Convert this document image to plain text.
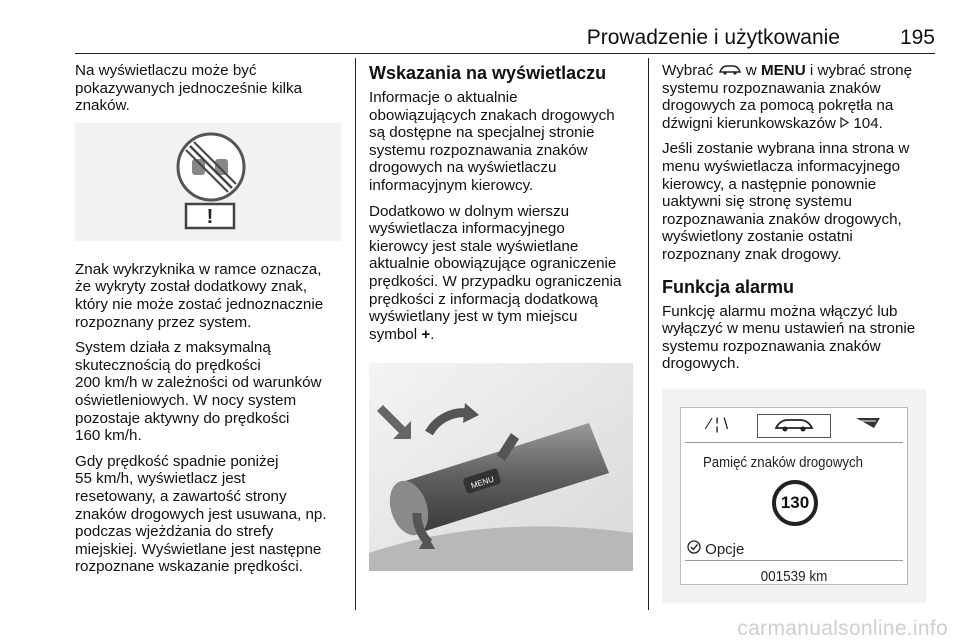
Prowadzenie i użytkowanie	195

Na wyświetlaczu może być
pokazywanych jednocześnie kilka
znaków.

!

Znak wykrzyknika w ramce oznacza,
że wykryty został dodatkowy znak,
który nie może zostać jednoznacznie
rozpoznany przez system.

System działa z maksymalną
skutecznością do prędkości
200 km/h w zależności od warunków
oświetleniowych. W nocy system
pozostaje aktywny do prędkości
160 km/h.

Gdy prędkość spadnie poniżej
55 km/h, wyświetlacz jest
resetowany, a zawartość strony
znaków drogowych jest usuwana, np.
podczas wjeżdżania do strefy
miejskiej. Wyświetlane jest następne
rozpoznane wskazanie prędkości.

Wskazania na wyświetlaczu

Informacje o aktualnie
obowiązujących znakach drogowych
są dostępne na specjalnej stronie
systemu rozpoznawania znaków
drogowych na wyświetlaczu
informacyjnym kierowcy.

Dodatkowo w dolnym wierszu
wyświetlacza informacyjnego
kierowcy jest stale wyświetlane
aktualnie obowiązujące ograniczenie
prędkości. W przypadku ograniczenia
prędkości z informacją dodatkową
wyświetlany jest w tym miejscu
symbol +.

MENU

Wybrać  w MENU i wybrać stronę
systemu rozpoznawania znaków
drogowych za pomocą pokrętła na
dźwigni kierunkowskazów  104.

Jeśli zostanie wybrana inna strona w
menu wyświetlacza informacyjnego
kierowcy, a następnie ponownie
uaktywni się stronę systemu
rozpoznawania znaków drogowych,
wyświetlony zostanie ostatni
rozpoznany znak drogowy.

Funkcja alarmu

Funkcję alarmu można włączyć lub
wyłączyć w menu ustawień na stronie
systemu rozpoznawania znaków
drogowych.

⁄ ¦ \
Pamięć znaków drogowych
130
Opcje
001539 km
carmanualsonline.info
